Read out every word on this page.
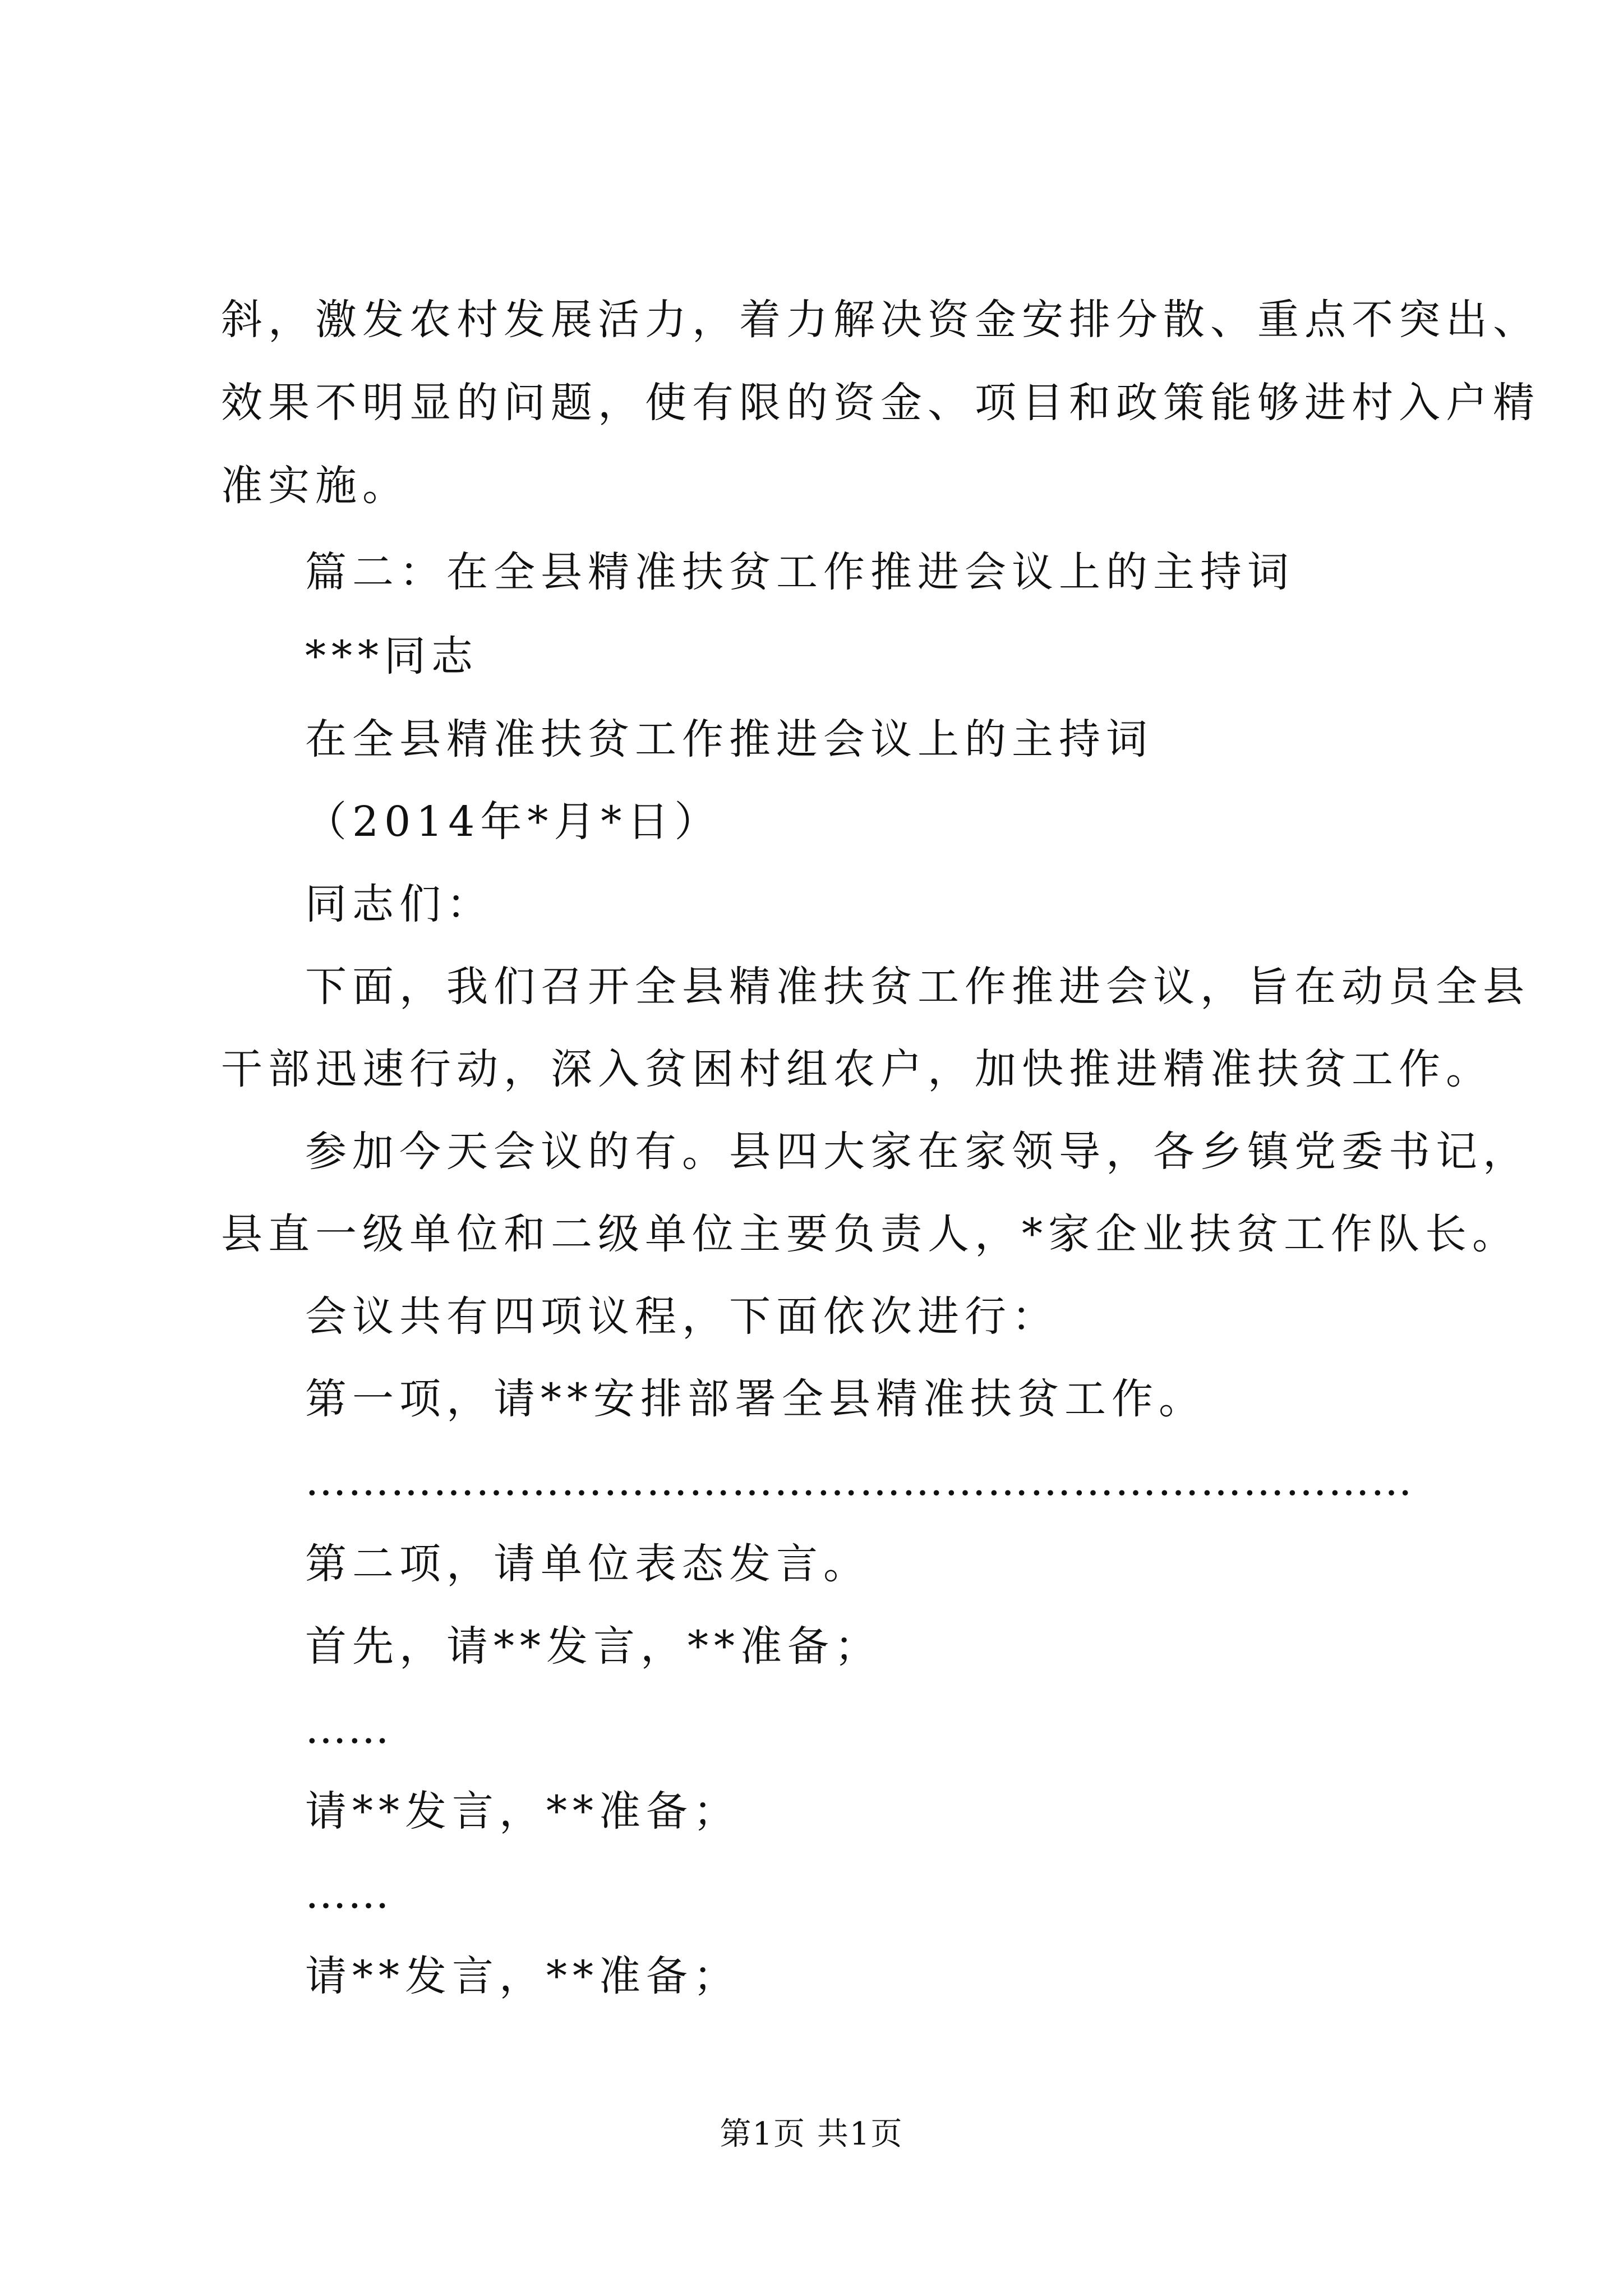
斜，激发农村发展活力，着力解决资金安排分散、重点不突出、
效果不明显的问题，使有限的资金、项目和政策能够进村入户精
准实施。
篇二：在全县精准扶贫工作推进会议上的主持词
***同志
在全县精准扶贫工作推进会议上的主持词
（2014年*月*日）
同志们：
下面，我们召开全县精准扶贫工作推进会议，旨在动员全县
干部迅速行动，深入贫困村组农户，加快推进精准扶贫工作。
参加今天会议的有。县四大家在家领导，各乡镇党委书记，
县直一级单位和二级单位主要负责人，*家企业扶贫工作队长。
会议共有四项议程，下面依次进行：
第一项，请**安排部署全县精准扶贫工作。
……………………………………………………………………
第二项，请单位表态发言。
首先，请**发言，**准备；
……
请**发言，**准备；
……
请**发言，**准备；
第1页 共1页
